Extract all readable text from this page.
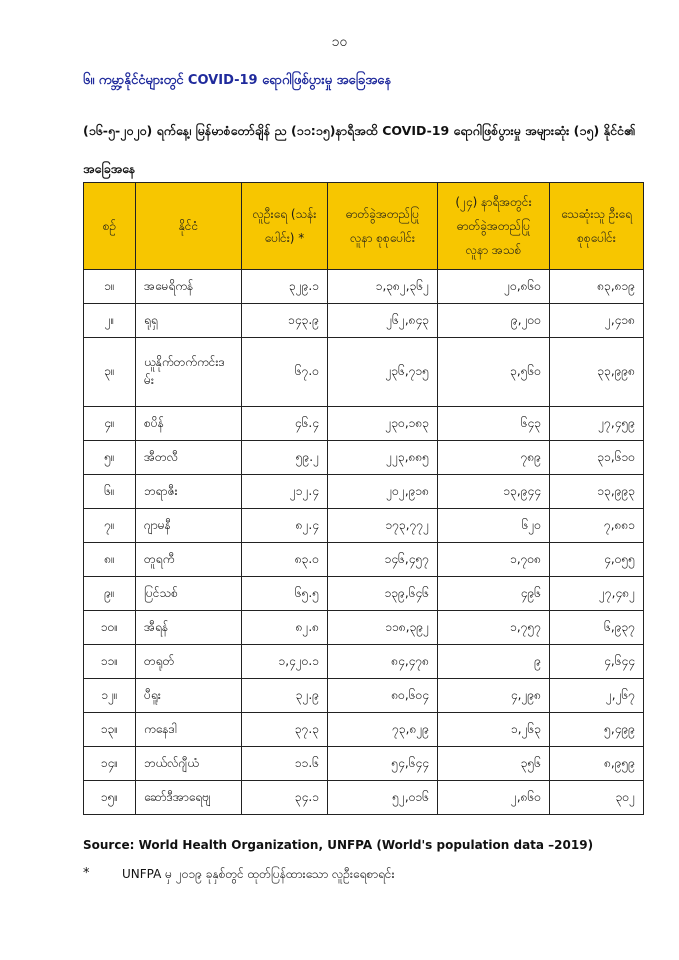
၁၀
၆။ ကမ္ဘာ့နိုင်ငံများတွင် COVID-19 ရောဂါဖြစ်ပွားမှု အခြေအနေ
(၁၆-၅-၂၀၂၀) ရက်နေ့၊ မြန်မာစံတော်ချိန် ည (၁၁:၁၅)နာရီအထိ COVID-19 ရောဂါဖြစ်ပွားမှု အများဆုံး (၁၅) နိုင်ငံ၏ အခြေအနေ
စဉ်	နိုင်ငံ	လူဦးရေ (သန်းပေါင်း) *	ဓာတ်ခွဲအတည်ပြု လူနာ စုစုပေါင်း	(၂၄) နာရီအတွင်း ဓာတ်ခွဲအတည်ပြု လူနာ အသစ်	သေဆုံးသူ ဦးရေ စုစုပေါင်း
၁။	အမေရိကန်	၃၂၉.၁	၁,၃၈၂,၃၆၂	၂၀,၈၆၀	၈၃,၈၁၉
၂။	ရုရှ	၁၄၃.၉	၂၆၂,၈၄၃	၉,၂၀၀	၂,၄၁၈
၃။	ယူနိုက်တက်ကင်းဒမ်း	၆၇.၀	၂၃၆,၇၁၅	၃,၅၆၀	၃၃,၉၉၈
၄။	စပိန်	၄၆.၄	၂၃၀,၁၈၃	၆၄၃	၂၇,၄၅၉
၅။	အီတလီ	၅၉.၂	၂၂၃,၈၈၅	၇၈၉	၃၁,၆၁၀
၆။	ဘရာဇီး	၂၁၂.၄	၂၀၂,၉၁၈	၁၃,၉၄၄	၁၃,၉၉၃
၇။	ဂျာမနီ	၈၂.၄	၁၇၃,၇၇၂	၆၂၀	၇,၈၈၁
၈။	တူရကီ	၈၃.၀	၁၄၆,၄၅၇	၁,၇၀၈	၄,၀၅၅
၉။	ပြင်သစ်	၆၅.၅	၁၃၉,၆၄၆	၄၉၆	၂၇,၄၈၂
၁၀။	အီရန်	၈၂.၈	၁၁၈,၃၉၂	၁,၇၅၇	၆,၉၃၇
၁၁။	တရုတ်	၁,၄၂၀.၁	၈၄,၄၇၈	၉	၄,၆၄၄
၁၂။	ပီရူး	၃၂.၉	၈၀,၆၀၄	၄,၂၉၈	၂,၂၆၇
၁၃။	ကနေဒါ	၃၇.၃	၇၃,၈၂၉	၁,၂၆၃	၅,၄၉၉
၁၄။	ဘယ်လ်ဂျီယံ	၁၁.၆	၅၄,၆၄၄	၃၅၆	၈,၉၅၉
၁၅။	ဆော်ဒီအာရေဗျ	၃၄.၁	၅၂,၀၁၆	၂,၈၆၀	၃၀၂
Source: World Health Organization, UNFPA (World's population data –2019)
*	UNFPA မှ ၂၀၁၉ ခုနှစ်တွင် ထုတ်ပြန်ထားသော လူဦးရေစာရင်း
